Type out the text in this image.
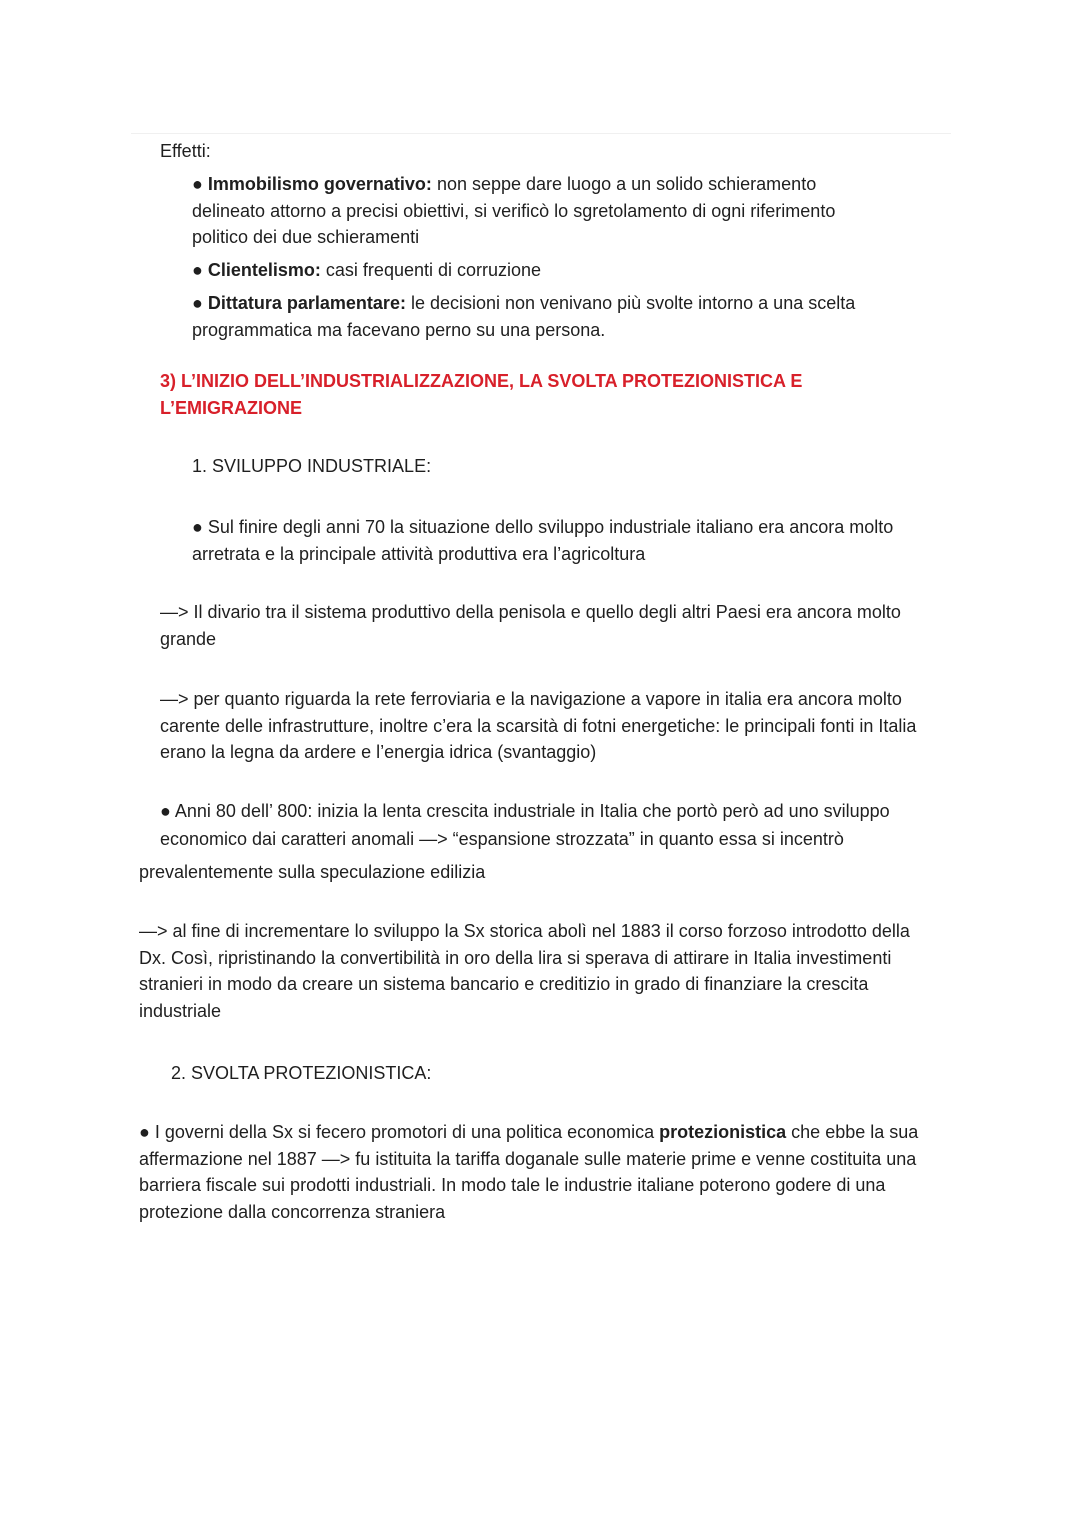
Effetti:
● Immobilismo governativo: non seppe dare luogo a un solido schieramento delineato attorno a precisi obiettivi, si verificò lo sgretolamento di ogni riferimento politico dei due schieramenti
● Clientelismo: casi frequenti di corruzione
● Dittatura parlamentare: le decisioni non venivano più svolte intorno a una scelta programmatica ma facevano perno su una persona.
3) L’INIZIO DELL’INDUSTRIALIZZAZIONE, LA SVOLTA PROTEZIONISTICA E L’EMIGRAZIONE
1. SVILUPPO INDUSTRIALE:
● Sul finire degli anni 70 la situazione dello sviluppo industriale italiano era ancora molto arretrata e la principale attività produttiva era l’agricoltura
—> Il divario tra il sistema produttivo della penisola e quello degli altri Paesi era ancora molto grande
—> per quanto riguarda la rete ferroviaria e la navigazione a vapore in italia era ancora molto carente delle infrastrutture, inoltre c’era la scarsità di fotni energetiche: le principali fonti in Italia erano la legna da ardere e l’energia idrica (svantaggio)
● Anni 80 dell’ 800: inizia la lenta crescita industriale in Italia che portò però ad uno sviluppo
economico dai caratteri anomali —> “espansione strozzata” in quanto essa si incentrò
prevalentemente sulla speculazione edilizia
—> al fine di incrementare lo sviluppo la Sx storica abolì nel 1883 il corso forzoso introdotto della Dx. Così, ripristinando la convertibilità in oro della lira si sperava di attirare in Italia investimenti stranieri in modo da creare un sistema bancario e creditizio in grado di finanziare la crescita industriale
2. SVOLTA PROTEZIONISTICA:
● I governi della Sx si fecero promotori di una politica economica protezionistica che ebbe la sua affermazione nel 1887 —> fu istituita la tariffa doganale sulle materie prime e venne costituita una barriera fiscale sui prodotti industriali. In modo tale le industrie italiane poterono godere di una protezione dalla concorrenza straniera
